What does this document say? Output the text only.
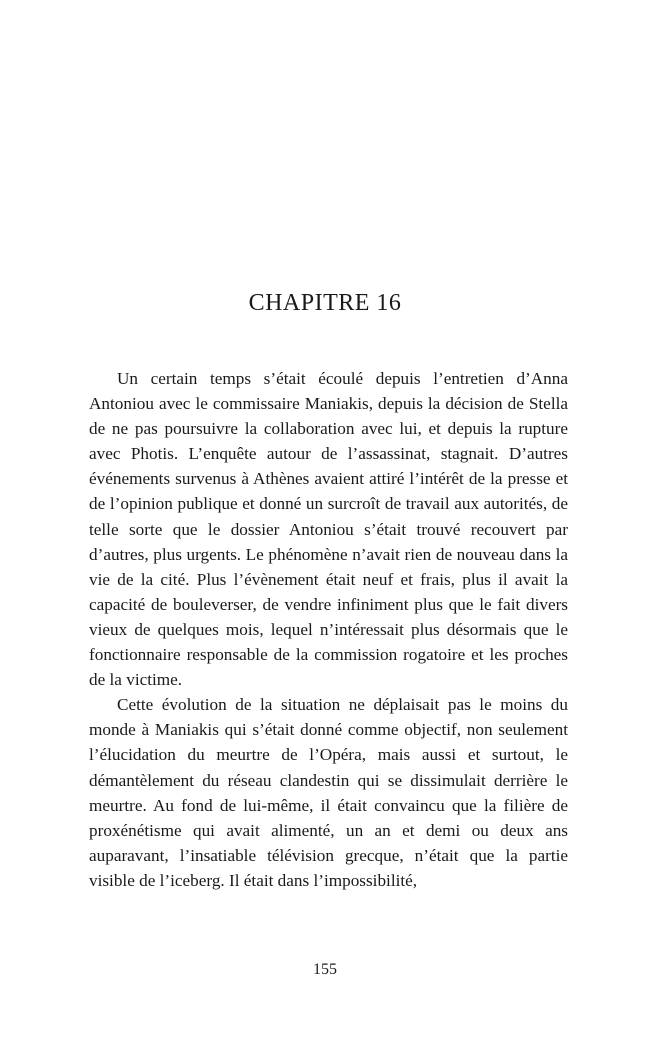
CHAPITRE 16

Un certain temps s’était écoulé depuis l’entretien d’Anna Antoniou avec le commissaire Maniakis, depuis la décision de Stella de ne pas poursuivre la collaboration avec lui, et depuis la rupture avec Photis. L’enquête autour de l’assassinat, stagnait. D’autres événements survenus à Athènes avaient attiré l’intérêt de la presse et de l’opinion publique et donné un surcroît de travail aux autorités, de telle sorte que le dossier Antoniou s’était trouvé recouvert par d’autres, plus urgents. Le phénomène n’avait rien de nouveau dans la vie de la cité. Plus l’évènement était neuf et frais, plus il avait la capacité de bouleverser, de vendre infiniment plus que le fait divers vieux de quelques mois, lequel n’intéressait plus désormais que le fonctionnaire responsable de la commission rogatoire et les proches de la victime.

Cette évolution de la situation ne déplaisait pas le moins du monde à Maniakis qui s’était donné comme objectif, non seulement l’élucidation du meurtre de l’Opéra, mais aussi et surtout, le démantèlement du réseau clandestin qui se dissimulait derrière le meurtre. Au fond de lui-même, il était convaincu que la filière de proxénétisme qui avait alimenté, un an et demi ou deux ans auparavant, l’insatiable télévision grecque, n’était que la partie visible de l’iceberg. Il était dans l’impossibilité,

155
